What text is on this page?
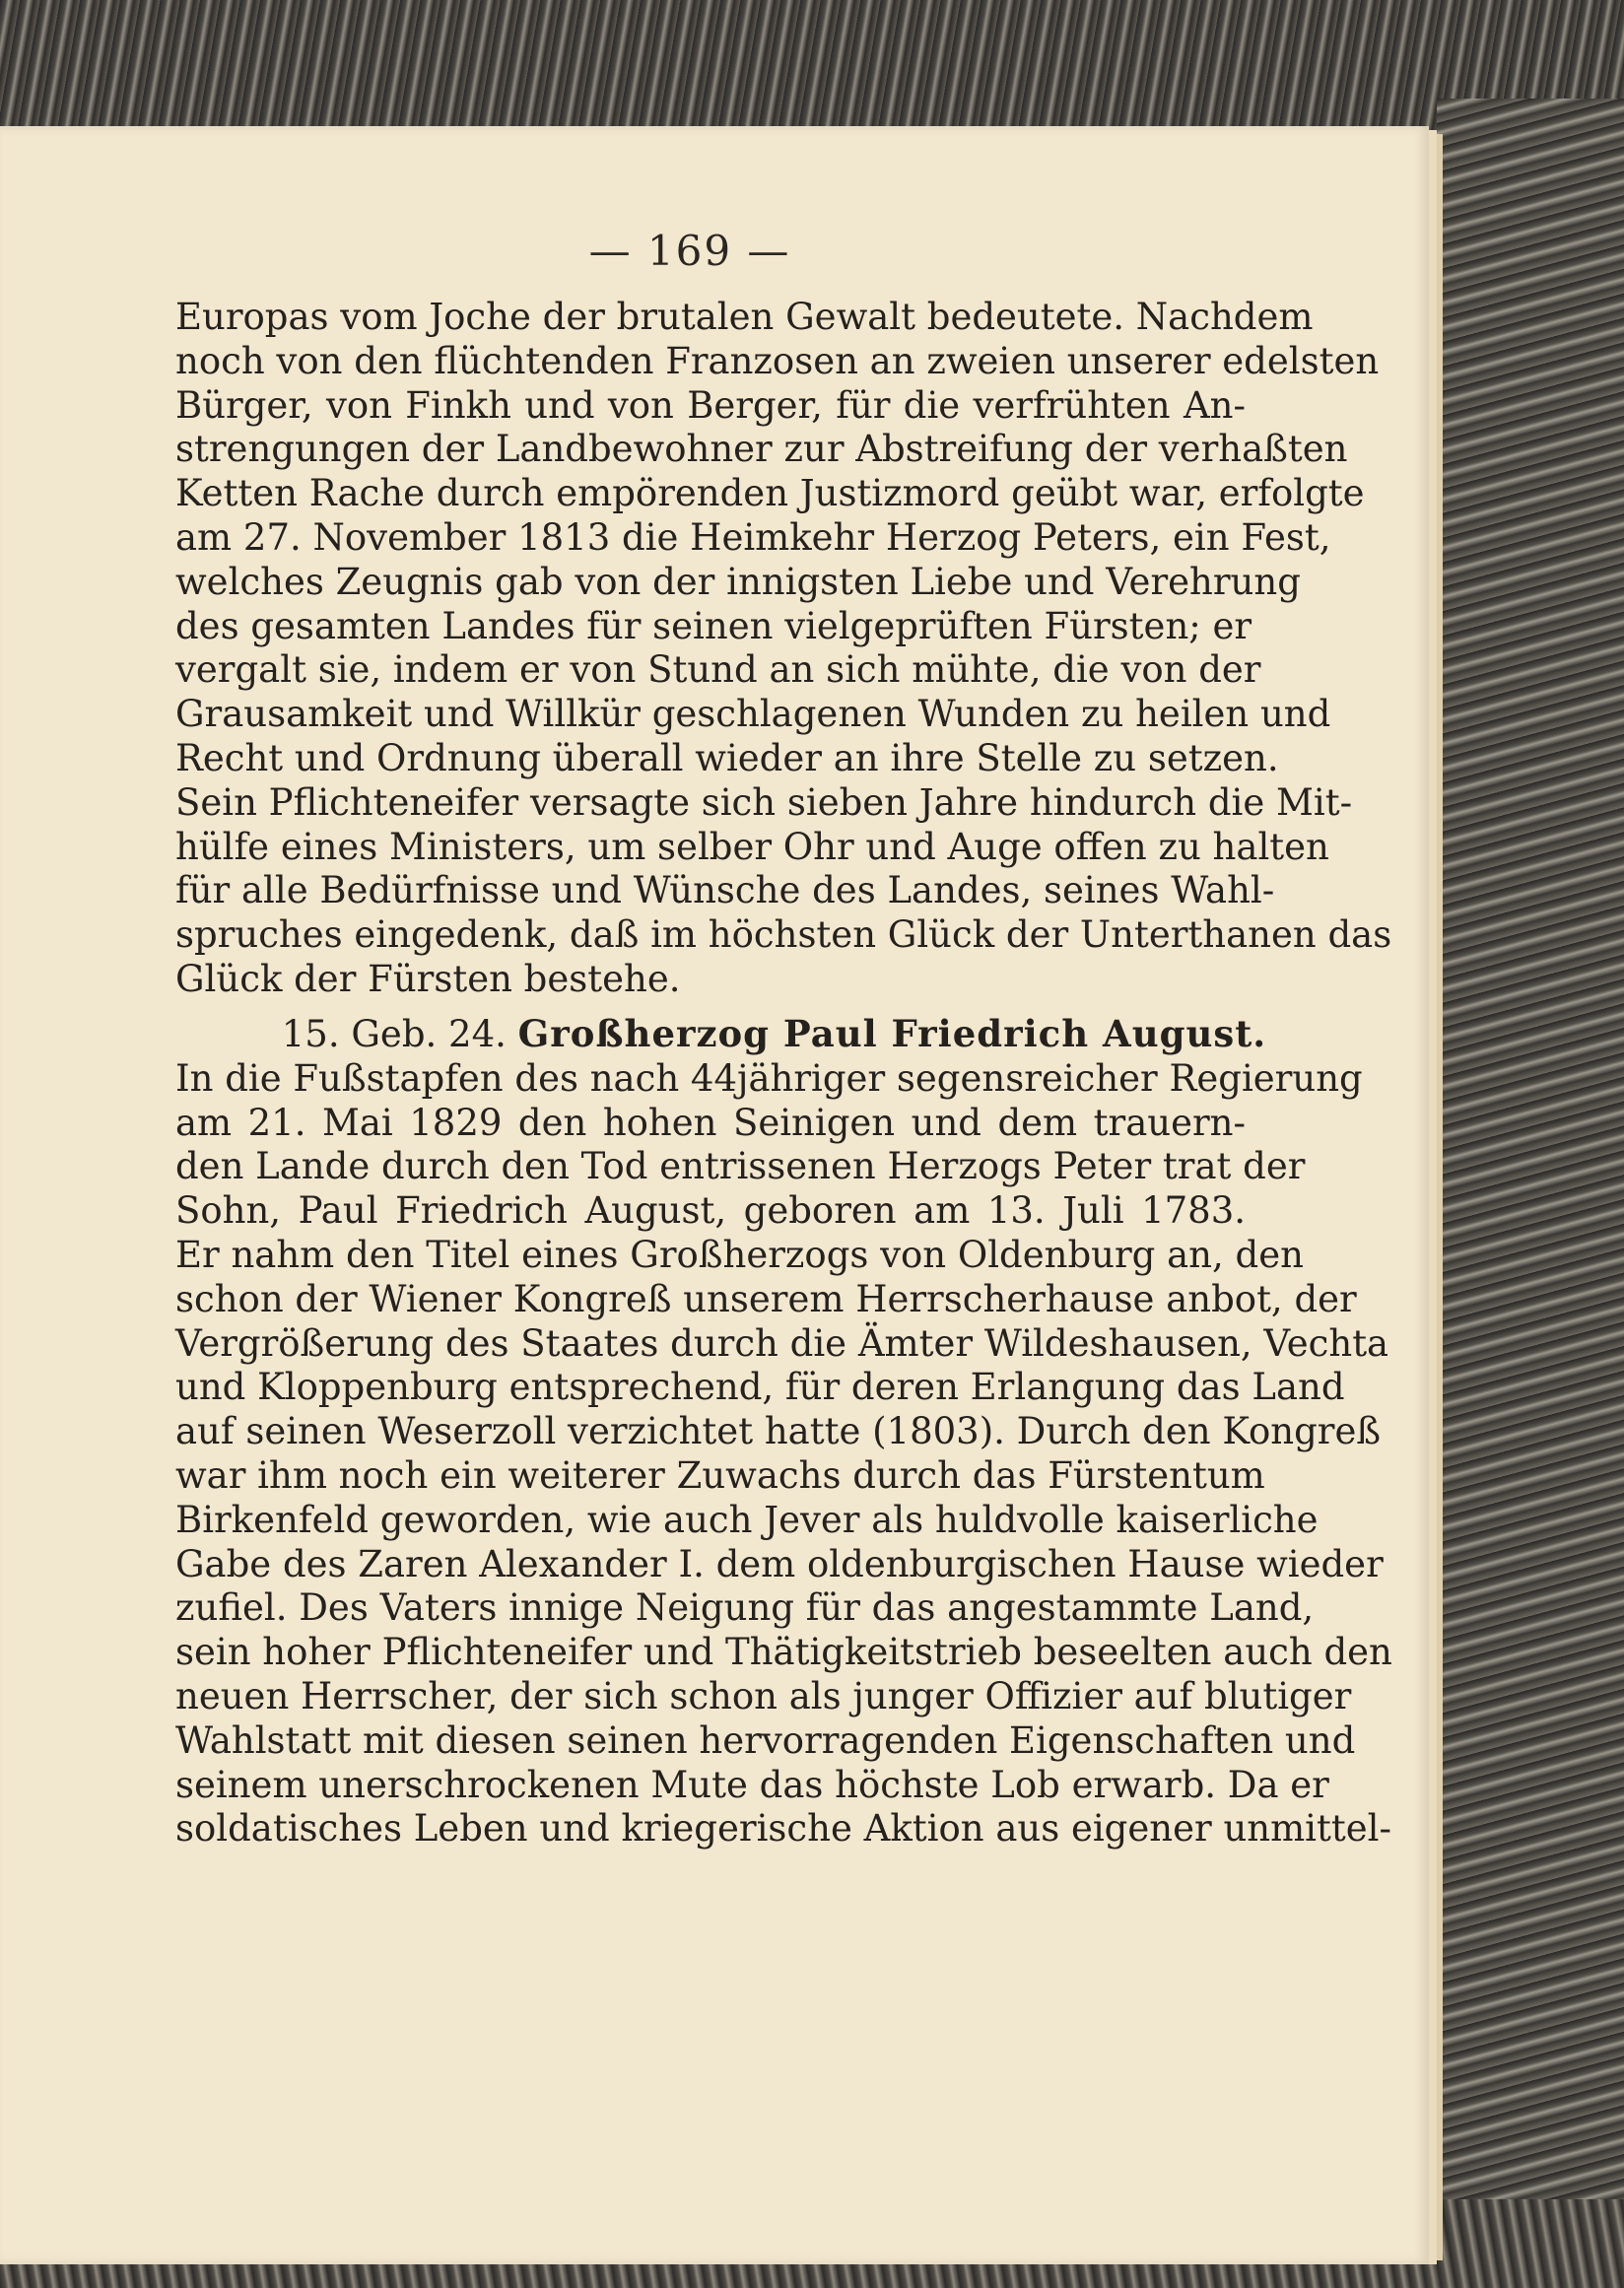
— 169 —
Europas vom Joche der brutalen Gewalt bedeutete. Nachdem
noch von den flüchtenden Franzosen an zweien unserer edelsten
Bürger, von Finkh und von Berger, für die verfrühten An-
strengungen der Landbewohner zur Abstreifung der verhaßten
Ketten Rache durch empörenden Justizmord geübt war, erfolgte
am 27. November 1813 die Heimkehr Herzog Peters, ein Fest,
welches Zeugnis gab von der innigsten Liebe und Verehrung
des gesamten Landes für seinen vielgeprüften Fürsten; er
vergalt sie, indem er von Stund an sich mühte, die von der
Grausamkeit und Willkür geschlagenen Wunden zu heilen und
Recht und Ordnung überall wieder an ihre Stelle zu setzen.
Sein Pflichteneifer versagte sich sieben Jahre hindurch die Mit-
hülfe eines Ministers, um selber Ohr und Auge offen zu halten
für alle Bedürfnisse und Wünsche des Landes, seines Wahl-
spruches eingedenk, daß im höchsten Glück der Unterthanen das
Glück der Fürsten bestehe.
15. Geb. 24. Großherzog Paul Friedrich August.
In die Fußstapfen des nach 44jähriger segensreicher Regierung
am 21. Mai 1829 den hohen Seinigen und dem trauern-
den Lande durch den Tod entrissenen Herzogs Peter trat der
Sohn, Paul Friedrich August, geboren am 13. Juli 1783.
Er nahm den Titel eines Großherzogs von Oldenburg an, den
schon der Wiener Kongreß unserem Herrscherhause anbot, der
Vergrößerung des Staates durch die Ämter Wildeshausen, Vechta
und Kloppenburg entsprechend, für deren Erlangung das Land
auf seinen Weserzoll verzichtet hatte (1803). Durch den Kongreß
war ihm noch ein weiterer Zuwachs durch das Fürstentum
Birkenfeld geworden, wie auch Jever als huldvolle kaiserliche
Gabe des Zaren Alexander I. dem oldenburgischen Hause wieder
zufiel. Des Vaters innige Neigung für das angestammte Land,
sein hoher Pflichteneifer und Thätigkeitstrieb beseelten auch den
neuen Herrscher, der sich schon als junger Offizier auf blutiger
Wahlstatt mit diesen seinen hervorragenden Eigenschaften und
seinem unerschrockenen Mute das höchste Lob erwarb. Da er
soldatisches Leben und kriegerische Aktion aus eigener unmittel-
